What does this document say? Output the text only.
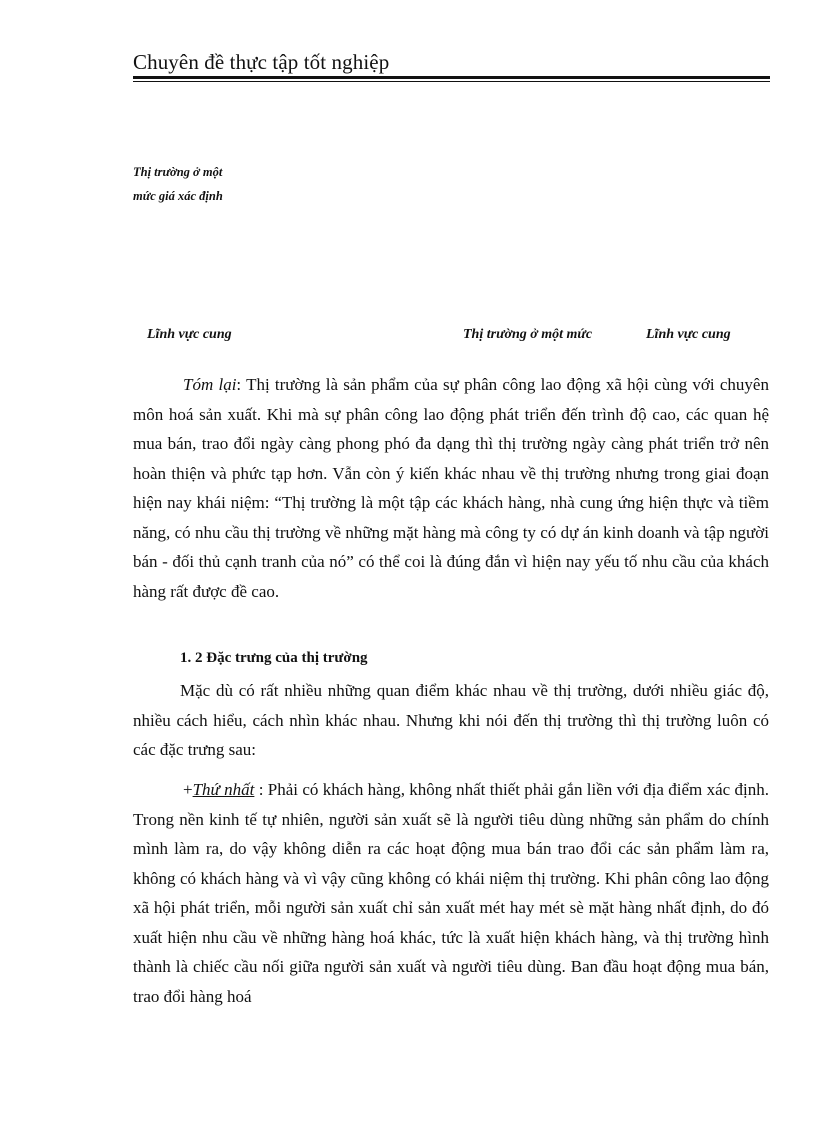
Chuyên đề thực tập tốt nghiệp
Thị trường ở một
mức giá xác định
Lĩnh vực cung	Thị trường ở một mức	Lĩnh vực cung

Tóm lại: Thị trường là sản phẩm của sự phân công lao động xã hội cùng với chuyên môn hoá sản xuất. Khi mà sự phân công lao động phát triển đến trình độ cao, các quan hệ mua bán, trao đổi ngày càng phong phó đa dạng thì thị trường ngày càng phát triển trở nên hoàn thiện và phức tạp hơn. Vẫn còn ý kiến khác nhau về thị trường nhưng trong giai đoạn hiện nay khái niệm: “Thị trường là một tập các khách hàng, nhà cung ứng hiện thực và tiềm năng, có nhu cầu thị trường về những mặt hàng mà công ty có dự án kinh doanh và tập người bán - đối thủ cạnh tranh của nó” có thể coi là đúng đắn vì hiện nay yếu tố nhu cầu của khách hàng rất được đề cao.

1. 2 Đặc trưng của thị trường

Mặc dù có rất nhiều những quan điểm khác nhau về thị trường, dưới nhiều giác độ, nhiều cách hiểu, cách nhìn khác nhau. Nhưng khi nói đến thị trường thì thị trường luôn có các đặc trưng sau:

+Thứ nhất : Phải có khách hàng, không nhất thiết phải gắn liền với địa điểm xác định. Trong nền kinh tế tự nhiên, người sản xuất sẽ là người tiêu dùng những sản phẩm do chính mình làm ra, do vậy không diễn ra các hoạt động mua bán trao đổi các sản phẩm làm ra, không có khách hàng và vì vậy cũng không có khái niệm thị trường. Khi phân công lao động xã hội phát triển, mỗi người sản xuất chỉ sản xuất mét hay mét sè mặt hàng nhất định, do đó xuất hiện nhu cầu về những hàng hoá khác, tức là xuất hiện khách hàng, và thị trường hình thành là chiếc cầu nối giữa người sản xuất và người tiêu dùng. Ban đầu hoạt động mua bán, trao đổi hàng hoá
